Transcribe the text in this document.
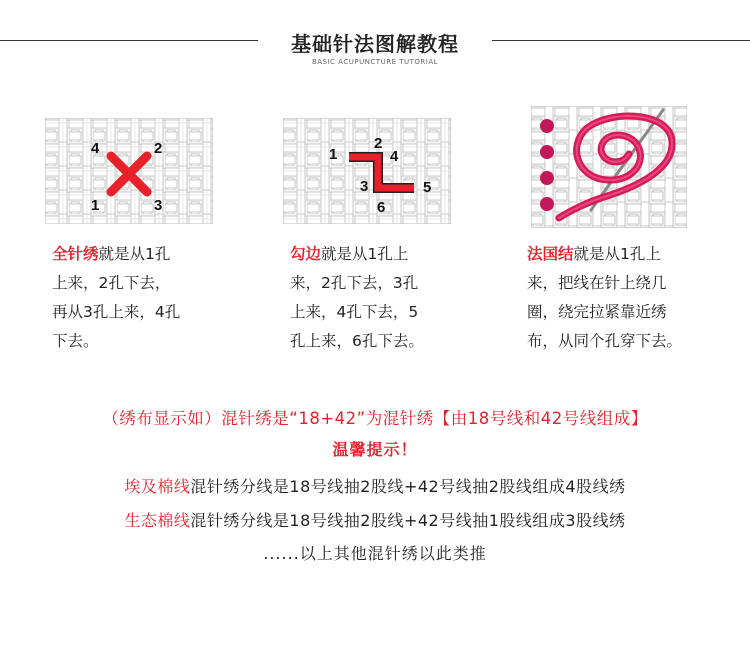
基础针法图解教程
BASIC ACUPUNCTURE TUTORIAL
4	2
1	3
1
2
4
3	5
6
全针绣就是从1孔
上来，2孔下去，
再从3孔上来，4孔
下去。
勾边就是从1孔上
来，2孔下去，3孔
上来，4孔下去，5
孔上来，6孔下去。
法国结就是从1孔上
来，把线在针上绕几
圈，绕完拉紧靠近绣
布，从同个孔穿下去。
（绣布显示如）混针绣是“18+42”为混针绣【由18号线和42号线组成】
温馨提示！
埃及棉线混针绣分线是18号线抽2股线+42号线抽2股线组成4股线绣
生态棉线混针绣分线是18号线抽2股线+42号线抽1股线组成3股线绣
......以上其他混针绣以此类推
